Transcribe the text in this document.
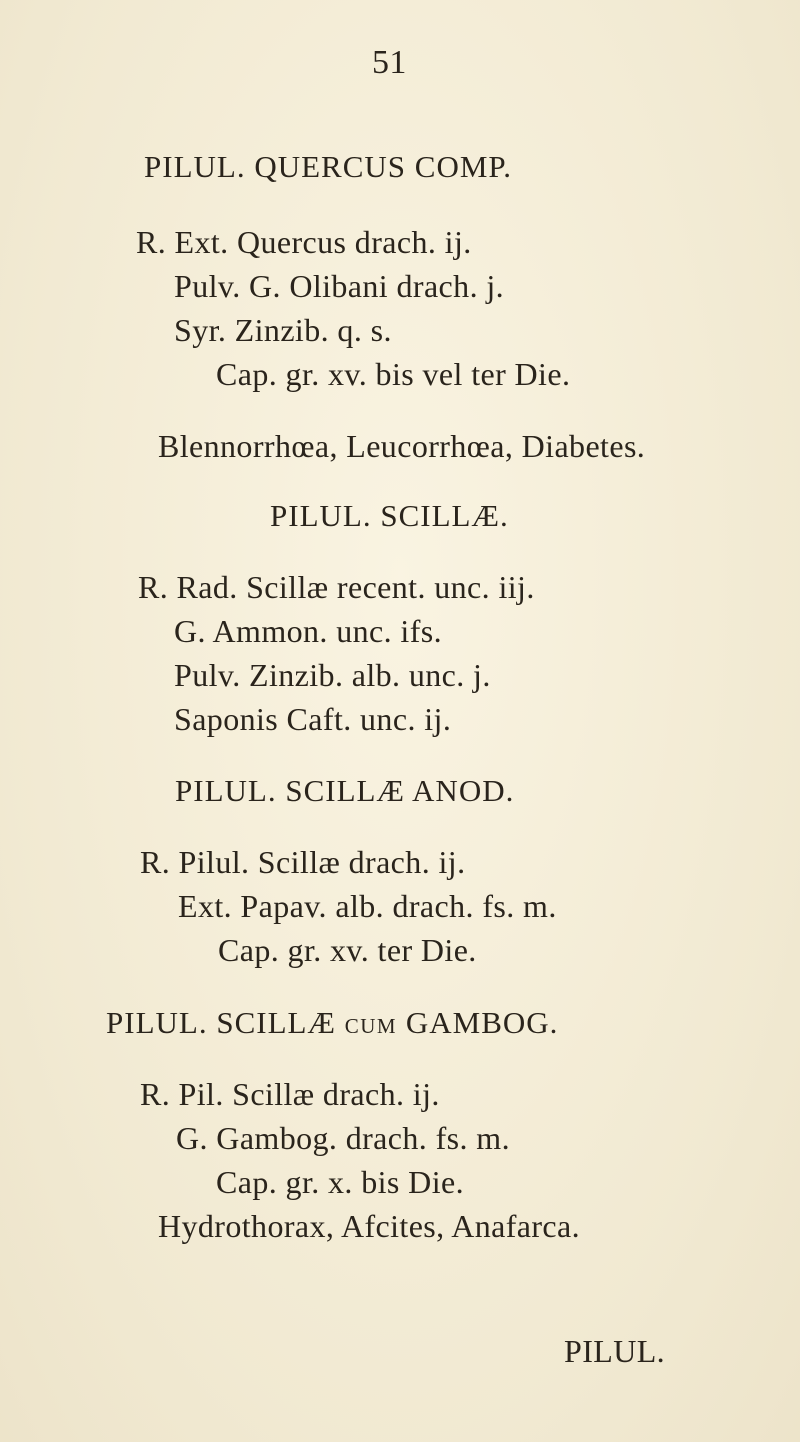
51
PILUL. QUERCUS COMP.
R. Ext. Quercus drach. ij.
Pulv. G. Olibani drach. j.
Syr. Zinzib. q. s.
Cap. gr. xv. bis vel ter Die.
Blennorrhœa, Leucorrhœa, Diabetes.
PILUL. SCILLÆ.
R. Rad. Scillæ recent. unc. iij.
G. Ammon. unc. ifs.
Pulv. Zinzib. alb. unc. j.
Saponis Caft. unc. ij.
PILUL. SCILLÆ ANOD.
R. Pilul. Scillæ drach. ij.
Ext. Papav. alb. drach. fs. m.
Cap. gr. xv. ter Die.
PILUL. SCILLÆ CUM GAMBOG.
R. Pil. Scillæ drach. ij.
G. Gambog. drach. fs. m.
Cap. gr. x. bis Die.
Hydrothorax, Afcites, Anafarca.
PILUL.
